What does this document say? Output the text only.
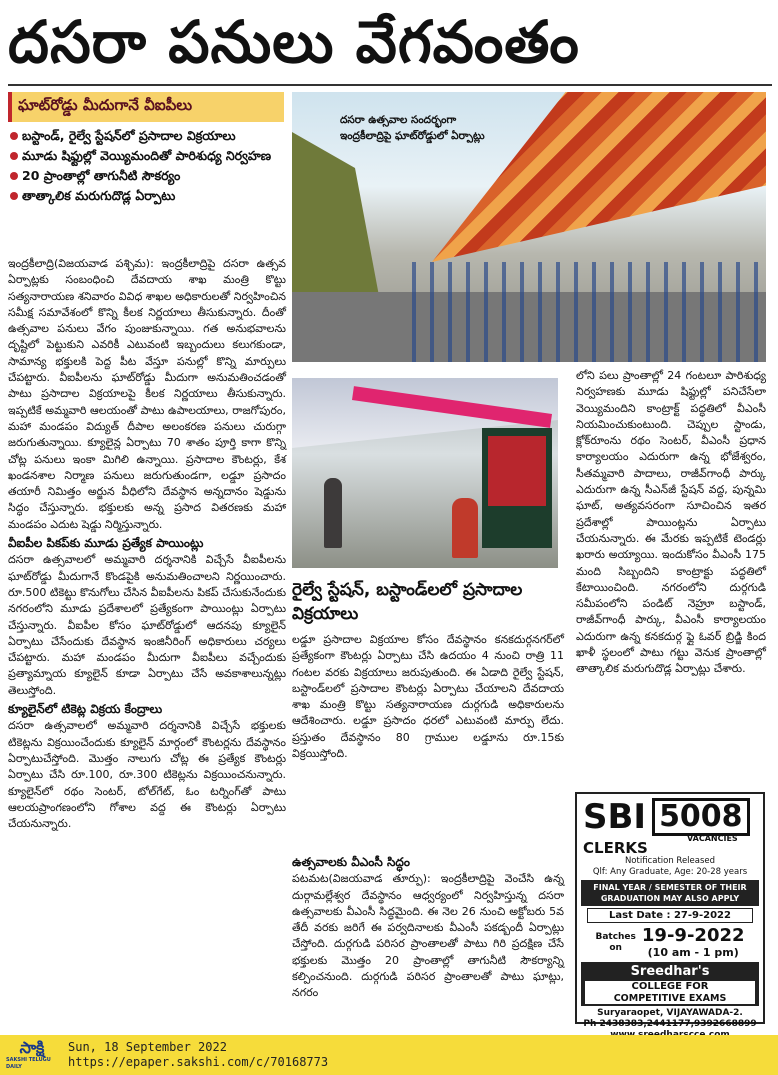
దసరా పనులు వేగవంతం
ఘాట్‌రోడ్డు మీదుగానే వీఐపీలు
బస్టాండ్, రైల్వే స్టేషన్‌లో ప్రసాదాల విక్రయాలు
మూడు షిఫ్టుల్లో వెయ్యిమందితో పారిశుధ్య నిర్వహణ
20 ప్రాంతాల్లో తాగునీటి సౌకర్యం
తాత్కాలిక మరుగుదొడ్ల ఏర్పాటు

ఇంద్రకీలాద్రి(విజయవాడ పశ్చిమ): ఇంద్రకీలాద్రిపై దసరా ఉత్సవ ఏర్పాట్లకు సంబంధించి దేవదాయ శాఖ మంత్రి కొట్టు సత్యనారాయణ శనివారం వివిధ శాఖల అధికారులతో నిర్వహించిన సమీక్ష సమావేశంలో కొన్ని కీలక నిర్ణయాలు తీసుకున్నారు. దీంతో ఉత్సవాల పనులు వేగం పుంజుకున్నాయి. గత అనుభవాలను దృష్టిలో పెట్టుకుని ఎవరికీ ఎటువంటి ఇబ్బందులు కలుగకుండా, సామాన్య భక్తులకి పెద్ద పీట వేస్తూ పనుల్లో కొన్ని మార్పులు చేపట్టారు. వీఐపీలను ఘాట్‌రోడ్డు మీదుగా అనుమతించడంతో పాటు ప్రసాదాల విక్రయాలపై కీలక నిర్ణయాలు తీసుకున్నారు. ఇప్పటికే అమ్మవారి ఆలయంతో పాటు ఉపాలయాలు, రాజగోపురం, మహా మండపం విద్యుత్ దీపాల అలంకరణ పనులు చురుగ్గా జరుగుతున్నాయి. క్యూలైన్ల ఏర్పాటు 70 శాతం పూర్తి కాగా కొన్ని చోట్ల పనులు ఇంకా మిగిలి ఉన్నాయి. ప్రసాదాల కౌంటర్లు, కేశ ఖండనశాల నిర్మాణ పనులు జరుగుతుండగా, లడ్డూ ప్రసాదం తయారీ నిమిత్తం అర్జున వీధిలోని దేవస్థాన అన్నదానం షెడ్డును సిద్ధం చేస్తున్నారు. భక్తులకు అన్న ప్రసాద వితరణకు మహా మండపం ఎదుట షెడ్డు నిర్మిస్తున్నారు.

వీఐపీల పికప్‌కు మూడు ప్రత్యేక పాయింట్లు

దసరా ఉత్సవాలలో అమ్మవారి దర్శనానికి విచ్చేసే వీఐపీలను ఘాట్‌రోడ్డు మీదుగానే కొండపైకి అనుమతించాలని నిర్ణయించారు. రూ.500 టికెట్టు కొనుగోలు చేసిన వీఐపీలను పికప్ చేసుకునేందుకు నగరంలోని మూడు ప్రదేశాలలో ప్రత్యేకంగా పాయింట్లు ఏర్పాటు చేస్తున్నారు. వీఐపీల కోసం ఘాట్‌రోడ్డులో ఆదనపు క్యూలైన్ ఏర్పాటు చేసేందుకు దేవస్థాన ఇంజినీరింగ్ అధికారులు చర్యలు చేపట్టారు. మహా మండపం మీదుగా వీఐపీలు వచ్చేందుకు ప్రత్యామ్నాయ క్యూలైన్ కూడా ఏర్పాటు చేసే అవకాశాలున్నట్లు తెలుస్తోంది.

క్యూలైన్‌లో టికెట్ల విక్రయ కేంద్రాలు

దసరా ఉత్సవాలలో అమ్మవారి దర్శనానికి విచ్చేసే భక్తులకు టికెట్లను విక్రయించేందుకు క్యూలైన్ మార్గంలో కౌంటర్లను దేవస్థానం ఏర్పాటుచేస్తోంది. మొత్తం నాలుగు చోట్ల ఈ ప్రత్యేక కౌంటర్లు ఏర్పాటు చేసి రూ.100, రూ.300 టికెట్లను విక్రయించనున్నారు. క్యూలైన్‌లో రథం సెంటర్, టోల్‌గేట్, ఓం టర్నింగ్‌తో పాటు ఆలయప్రాంగణంలోని గోశాల వద్ద ఈ కౌంటర్లు ఏర్పాటు చేయనున్నారు.

దసరా ఉత్సవాల సందర్భంగా ఇంద్రకీలాద్రిపై ఘాట్‌రోడ్డులో ఏర్పాట్లు
రైల్వే స్టేషన్, బస్టాండ్‌లలో ప్రసాదాల విక్రయాలు

లడ్డూ ప్రసాదాల విక్రయాల కోసం దేవస్థానం కనకదుర్గనగర్‌లో ప్రత్యేకంగా కౌంటర్లు ఏర్పాటు చేసి ఉదయం 4 నుంచి రాత్రి 11 గంటల వరకు విక్రయాలు జరుపుతుంది. ఈ ఏడాది రైల్వే స్టేషన్, బస్టాండ్‌లలో ప్రసాదాల కౌంటర్లు ఏర్పాటు చేయాలని దేవదాయ శాఖ మంత్రి కొట్టు సత్యనారాయణ దుర్గగుడి అధికారులను ఆదేశించారు. లడ్డూ ప్రసాదం ధరలో ఎటువంటి మార్పు లేదు. ప్రస్తుతం దేవస్థానం 80 గ్రాముల లడ్డూను రూ.15కు విక్రయిస్తోంది.

ఉత్సవాలకు వీఎంసీ సిద్ధం

పటమట(విజయవాడ తూర్పు): ఇంద్రకీలాద్రిపై వెంచేసి ఉన్న దుర్గామల్లేశ్వర దేవస్థానం ఆధ్వర్యంలో నిర్వహిస్తున్న దసరా ఉత్సవాలకు వీఎంసీ సిద్ధమైంది. ఈ నెల 26 నుంచి అక్టోబరు 5వ తేదీ వరకు జరిగే ఈ పర్వదినాలకు వీఎంసీ పకడ్బందీ ఏర్పాట్లు చేస్తోంది. దుర్గగుడి పరిసర ప్రాంతాలతో పాటు గిరి ప్రదక్షిణ చేసే భక్తులకు మొత్తం 20 ప్రాంతాల్లో తాగునీటి సౌకర్యాన్ని కల్పించనుంది. దుర్గగుడి పరిసర ప్రాంతాలతో పాటు ఘాట్లు, నగరం

లోని పలు ప్రాంతాల్లో 24 గంటలూ పారిశుధ్య నిర్వహణకు మూడు షిఫ్టుల్లో పనిచేసేలా వెయ్యిమందిని కాంట్రాక్ట్ పద్ధతిలో వీఎంసీ నియమించుకుంటుంది. చెప్పుల స్టాండు, క్లోక్‌రూంను రథం సెంటర్, వీఎంసీ ప్రధాన కార్యాలయం ఎదురుగా ఉన్న భోజేశ్వరం, సీతమ్మవారి పాదాలు, రాజీవ్‌గాంధీ పార్కు ఎదురుగా ఉన్న సీఎన్‌జీ స్టేషన్ వద్ద, పున్నమి ఘాట్, అత్యవసరంగా సూచించిన ఇతర ప్రదేశాల్లో పాయింట్లను ఏర్పాటు చేయనున్నారు. ఈ మేరకు ఇప్పటికే టెండర్లు ఖరారు అయ్యాయి. ఇందుకోసం వీఎంసీ 175 మంది సిబ్బందిని కాంట్రాక్టు పద్ధతిలో కేటాయించింది. నగరంలోని దుర్గగుడి సమీపంలోని పండిట్ నెహ్రూ బస్టాండ్, రాజీవ్‌గాంధీ పార్కు, వీఎంసీ కార్యాలయం ఎదురుగా ఉన్న కనకదుర్గ ఫ్లై ఓవర్ బ్రిడ్జి కింద ఖాళీ స్థలంలో పాటు గట్టు వెనుక ప్రాంతాల్లో తాత్కాలిక మరుగుదొడ్ల ఏర్పాట్లు చేశారు.

SBI 5008
CLERKS
VACANCIES
Notification Released
Qlf: Any Graduate, Age: 20-28 years
FINAL YEAR / SEMESTER OF THEIR GRADUATION MAY ALSO APPLY
Last Date : 27-9-2022
Batches
on
19-9-2022
(10 am - 1 pm)
Sreedhar's
COLLEGE FOR
COMPETITIVE EXAMS
Suryaraopet, VIJAYAWADA-2.
Ph 2438383,2441177,9392668899
సాక్షి
SAKSHI TELUGU DAILY
Sun, 18 September 2022
https://epaper.sakshi.com/c/70168773
